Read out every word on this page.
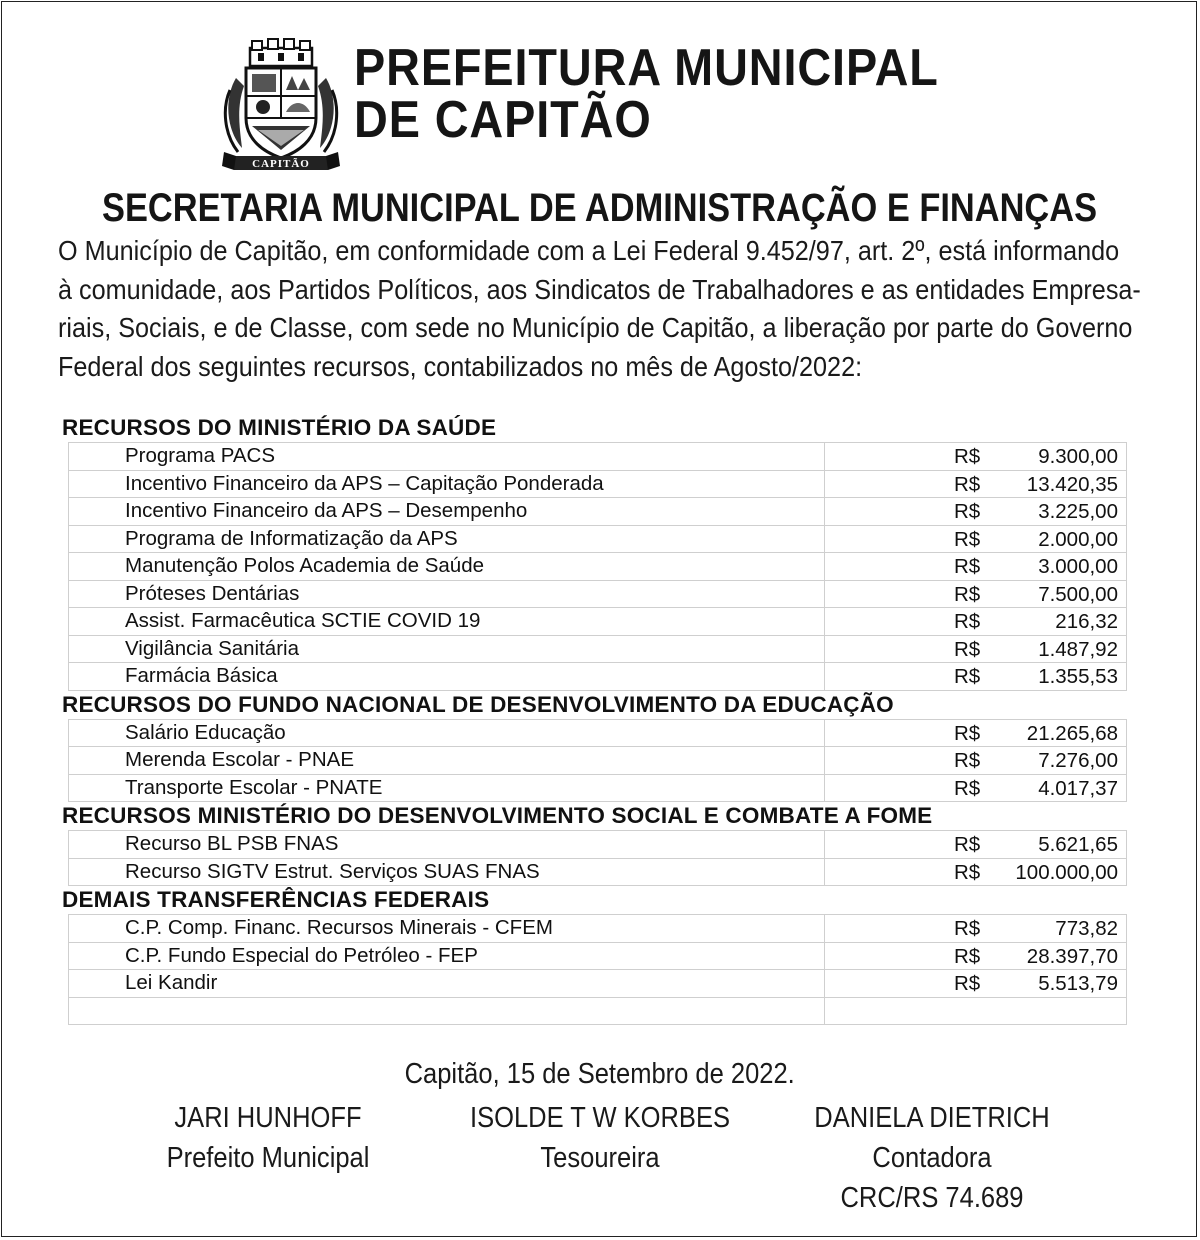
CAPITÃO
PREFEITURA MUNICIPAL
DE CAPITÃO
SECRETARIA MUNICIPAL DE ADMINISTRAÇÃO E FINANÇAS
O Município de Capitão, em conformidade com a Lei Federal 9.452/97, art. 2º, está informando
à comunidade, aos Partidos Políticos, aos Sindicatos de Trabalhadores e as entidades Empresa-
riais, Sociais, e de Classe, com sede no Município de Capitão, a liberação por parte do Governo
Federal dos seguintes recursos, contabilizados no mês de Agosto/2022:
RECURSOS DO MINISTÉRIO DA SAÚDE
Programa PACS	R$ 9.300,00

Incentivo Financeiro da APS – Capitação Ponderada	R$ 13.420,35

Incentivo Financeiro da APS – Desempenho	R$ 3.225,00

Programa de Informatização da APS	R$ 2.000,00

Manutenção Polos Academia de Saúde	R$ 3.000,00

Próteses Dentárias	R$ 7.500,00

Assist. Farmacêutica SCTIE COVID 19	R$ 216,32

Vigilância Sanitária	R$ 1.487,92

Farmácia Básica	R$ 1.355,53
RECURSOS DO FUNDO NACIONAL DE DESENVOLVIMENTO DA EDUCAÇÃO
Salário Educação	R$ 21.265,68

Merenda Escolar - PNAE	R$ 7.276,00

Transporte Escolar - PNATE	R$ 4.017,37
RECURSOS MINISTÉRIO DO DESENVOLVIMENTO SOCIAL E COMBATE A FOME
Recurso BL PSB FNAS	R$ 5.621,65

Recurso SIGTV Estrut. Serviços SUAS FNAS	R$ 100.000,00
DEMAIS TRANSFERÊNCIAS FEDERAIS
C.P. Comp. Financ. Recursos Minerais - CFEM	R$ 773,82

C.P. Fundo Especial do Petróleo - FEP	R$ 28.397,70

Lei Kandir	R$ 5.513,79

Capitão, 15 de Setembro de 2022.
JARI HUNHOFF
Prefeito Municipal
ISOLDE T W KORBES
Tesoureira
DANIELA DIETRICH
Contadora
CRC/RS 74.689
